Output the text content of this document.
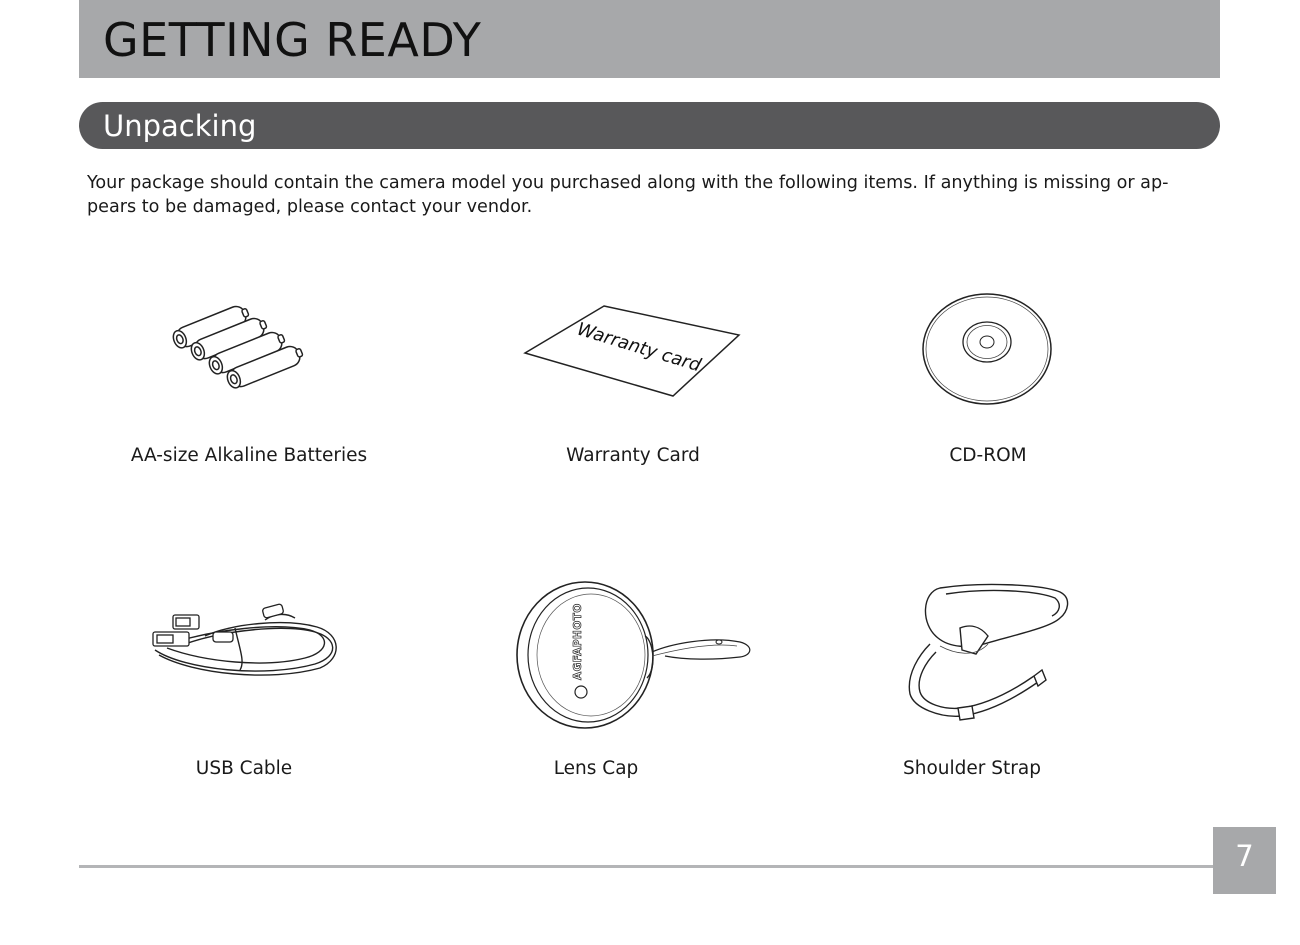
GETTING READY
Unpacking

Your package should contain the camera model you purchased along with the following items. If anything is missing or ap-
pears to be damaged, please contact your vendor.

AA-size Alkaline Batteries
Warranty card
Warranty Card	CD-ROM
USB Cable
AGFAPHOTO
Lens Cap	Shoulder Strap
7
